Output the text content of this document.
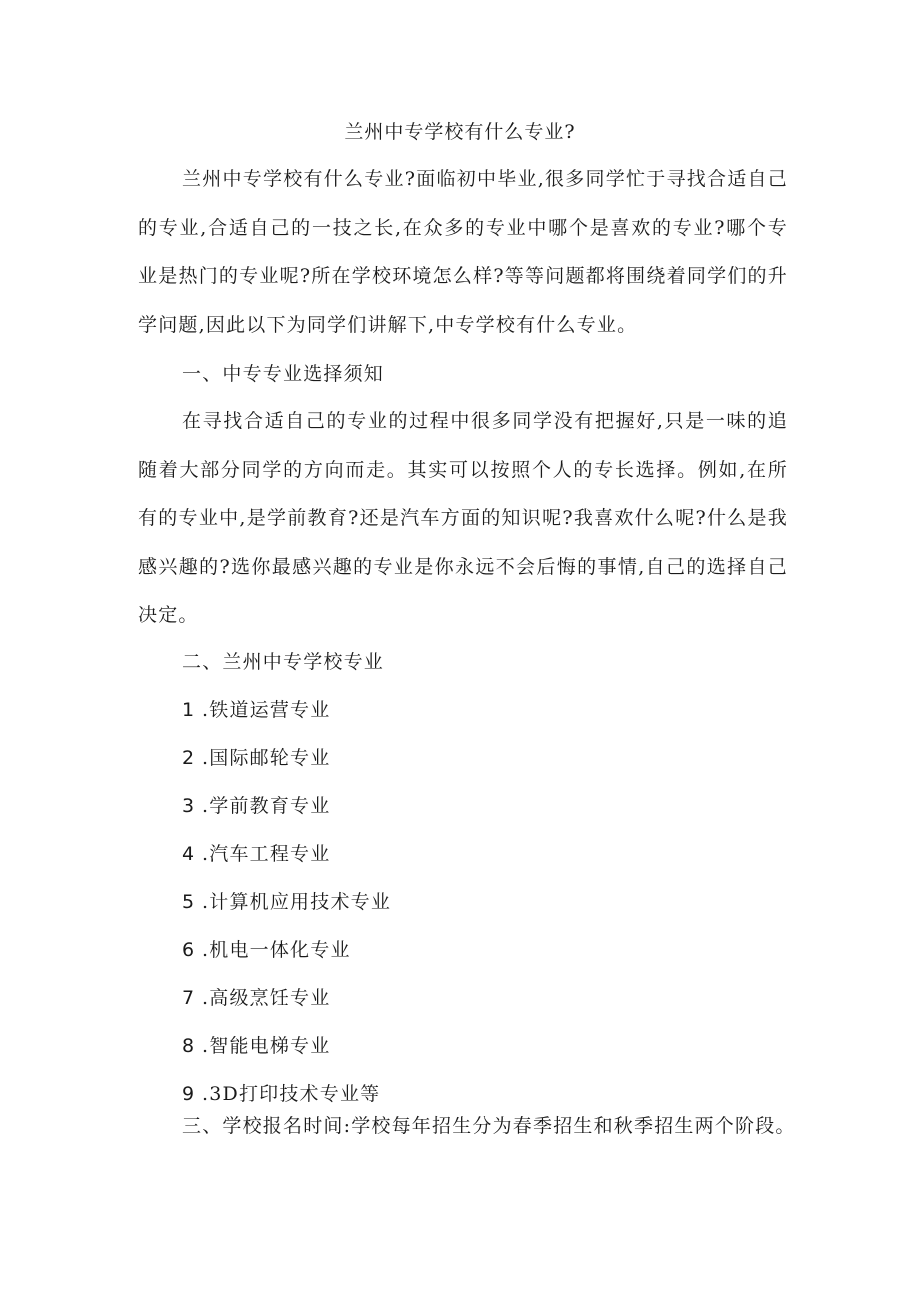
兰州中专学校有什么专业?

兰州中专学校有什么专业?面临初中毕业,很多同学忙于寻找合适自己的专业,合适自己的一技之长,在众多的专业中哪个是喜欢的专业?哪个专业是热门的专业呢?所在学校环境怎么样?等等问题都将围绕着同学们的升学问题,因此以下为同学们讲解下,中专学校有什么专业。

一、中专专业选择须知

在寻找合适自己的专业的过程中很多同学没有把握好,只是一味的追随着大部分同学的方向而走。其实可以按照个人的专长选择。例如,在所有的专业中,是学前教育?还是汽车方面的知识呢?我喜欢什么呢?什么是我感兴趣的?选你最感兴趣的专业是你永远不会后悔的事情,自己的选择自己决定。

二、兰州中专学校专业
1 .铁道运营专业
2 .国际邮轮专业
3 .学前教育专业
4 .汽车工程专业
5 .计算机应用技术专业
6 .机电一体化专业
7 .高级烹饪专业
8 .智能电梯专业
9 .3D打印技术专业等
三、学校报名时间:学校每年招生分为春季招生和秋季招生两个阶段。
